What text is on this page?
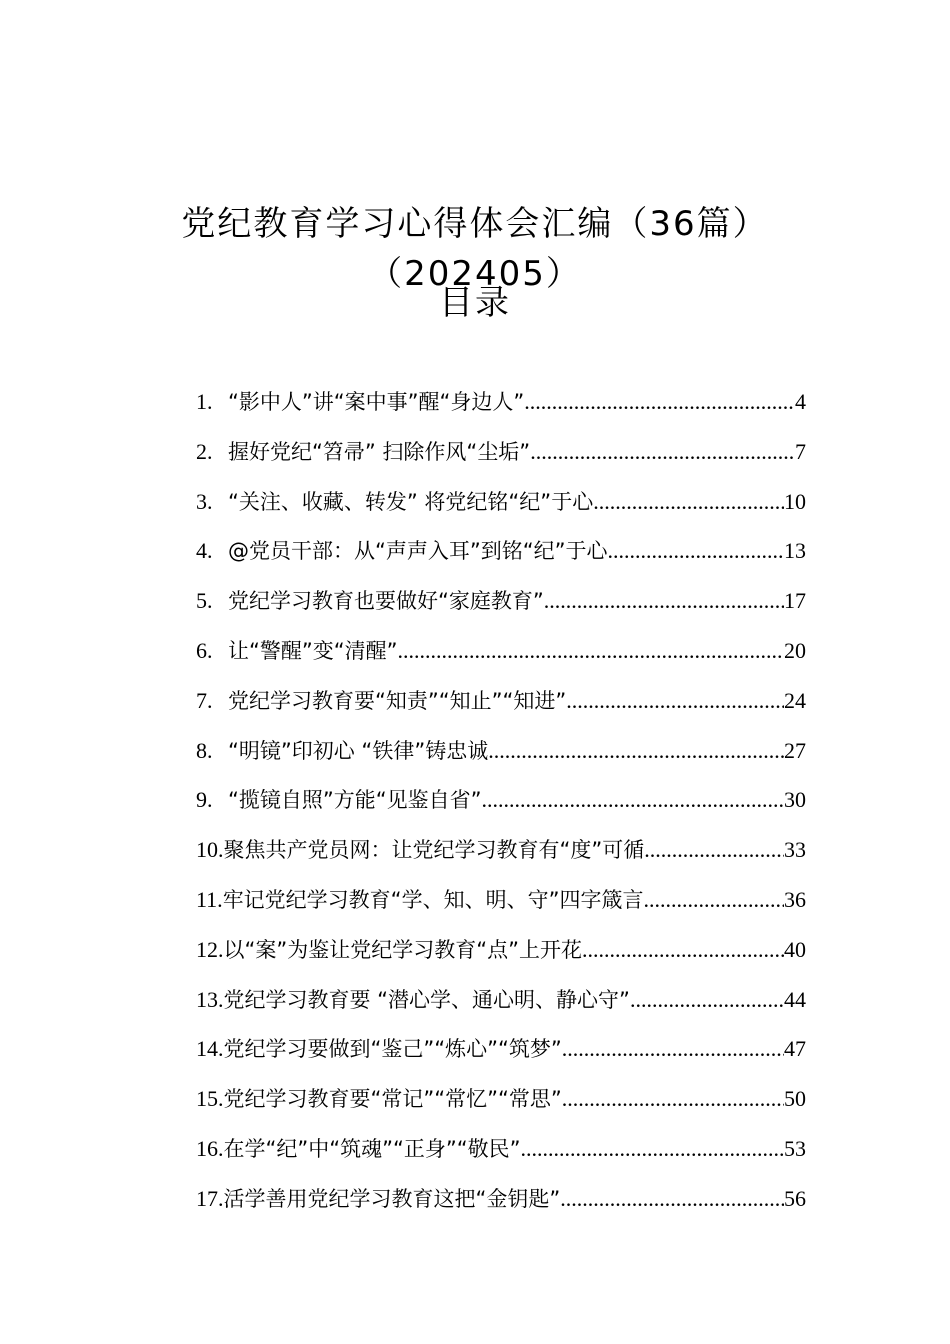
党纪教育学习心得体会汇编（36篇）（202405）
目录
1. “影中人”讲“案中事”醒“身边人” .....	4
2. 握好党纪“笤帚” 扫除作风“尘垢” .....	7
3. “关注、收藏、转发” 将党纪铭“纪”于心 .....	10
4. @党员干部：从“声声入耳”到铭“纪”于心 .....	13
5. 党纪学习教育也要做好“家庭教育” .....	17
6. 让“警醒”变“清醒” .....	20
7. 党纪学习教育要“知责”“知止”“知进” .....	24
8. “明镜”印初心 “铁律”铸忠诚 .....	27
9. “揽镜自照”方能“见鉴自省” .....	30
10. 聚焦共产党员网：让党纪学习教育有“度”可循 .....	33
11. 牢记党纪学习教育“学、知、明、守”四字箴言 .....	36
12. 以“案”为鉴让党纪学习教育“点”上开花 .....	40
13. 党纪学习教育要 “潜心学、通心明、静心守” .....	44
14. 党纪学习要做到“鉴己”“炼心”“筑梦” .....	47
15. 党纪学习教育要“常记”“常忆”“常思” .....	50
16. 在学“纪”中“筑魂”“正身”“敬民” .....	53
17. 活学善用党纪学习教育这把“金钥匙” .....	56
